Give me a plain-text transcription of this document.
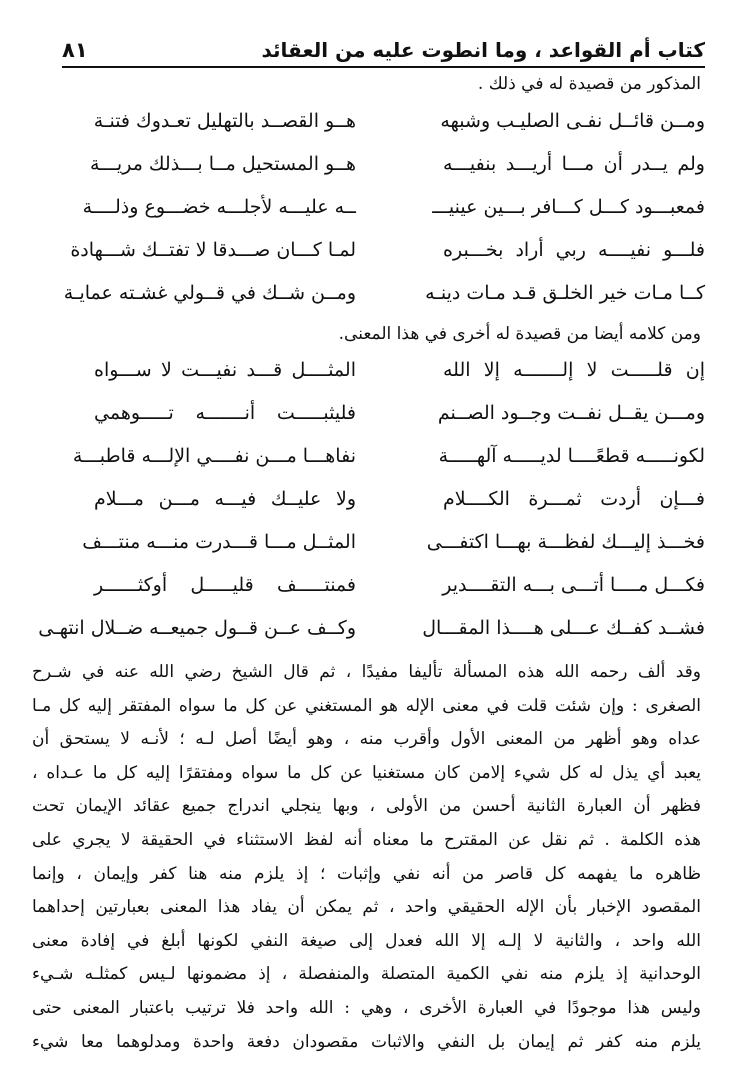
كتاب أم القواعد ، وما انطوت عليه من العقائد
٨١
المذكور من قصيدة له في ذلك .
ومــن قائــل نفـى الصليـب وشبهه
هــو القصــد بالتهليل تعـدوك فتنـة
ولم يــدر أن مـــا أريـــد بنفيـــه
هــو المستحيل مــا بـــذلك مريـــة
فمعبـــود كـــل كـــافر بـــين عينيـــ
ــه عليـــه لأجلـــه خضـــوع وذلــــة
فلـــو نفيــــه ربي أراد بخـــبره
لمـا كـــان صـــدقا لا تفتــك شـــهادة
كــا مـات خير الخلـق قـد مـات دينـه
ومــن شــك في قــولي غشـته عمايـة
ومن كلامه أيضا من قصيدة له أخرى في هذا المعنى.
إن قلـــــت لا إلـــــــه إلا الله
المثــــل قـــد نفيـــت لا ســـواه
ومـــن يقــل نفــت وجــود الصــنم
فليثبـــــت أنـــــــه تـــــوهمي
لكونـــــه قطعًــــا لديـــــه آلهـــــة
نفاهـــا مـــن نفــــي الإلـــه قاطبـــة
فـــإن أردت ثمـــرة الكــــلام
ولا عليــك فيـــه مـــن مـــلام
فخـــذ إليـــك لفظـــة بهـــا اكتفـــى
المثــل مـــا قـــدرت منـــه منتـــف
فكـــل مــــا أتـــى بـــه التقــــدير
فمنتـــــف قليـــــل أوكثــــــر
فشــد كفــك عـــلى هــــذا المقـــال
وكــف عــن قــول جميعــه ضــلال انتهـى
وقد ألف رحمه الله هذه المسألة تأليفا مفيدًا ، ثم قال الشيخ رضي الله عنه في شـرح
الصغرى : وإن شئت قلت في معنى الإله هو المستغني عن كل ما سواه المفتقر إليه كل مـا
عداه وهو أظهر من المعنى الأول وأقرب منه ، وهو أيضًا أصل لـه ؛ لأنـه لا يستحق أن
يعبد أي يذل له كل شيء إلامن كان مستغنيا عن كل ما سواه ومفتقرًا إليه كل ما عـداه ،
فظهر أن العبارة الثانية أحسن من الأولى ، وبها ينجلي اندراج جميع عقائد الإيمان تحت
هذه الكلمة . ثم نقل عن المقترح ما معناه أنه لفظ الاستثناء في الحقيقة لا يجري على
ظاهره ما يفهمه كل قاصر من أنه نفي وإثبات ؛ إذ يلزم منه هنا كفر وإيمان ، وإنما
المقصود الإخبار بأن الإله الحقيقي واحد ، ثم يمكن أن يفاد هذا المعنى بعبارتين إحداهما
الله واحد ، والثانية لا إلـه إلا الله فعدل إلى صيغة النفي لكونها أبلغ في إفادة معنى
الوحدانية إذ يلزم منه نفي الكمية المتصلة والمنفصلة ، إذ مضمونها لـيس كمثلـه شـيء
وليس هذا موجودًا في العبارة الأخرى ، وهي : الله واحد فلا ترتيب باعتبار المعنى حتى
يلزم منه كفر ثم إيمان بل النفي والاثبات مقصودان دفعة واحدة ومدلوهما معا شيء
